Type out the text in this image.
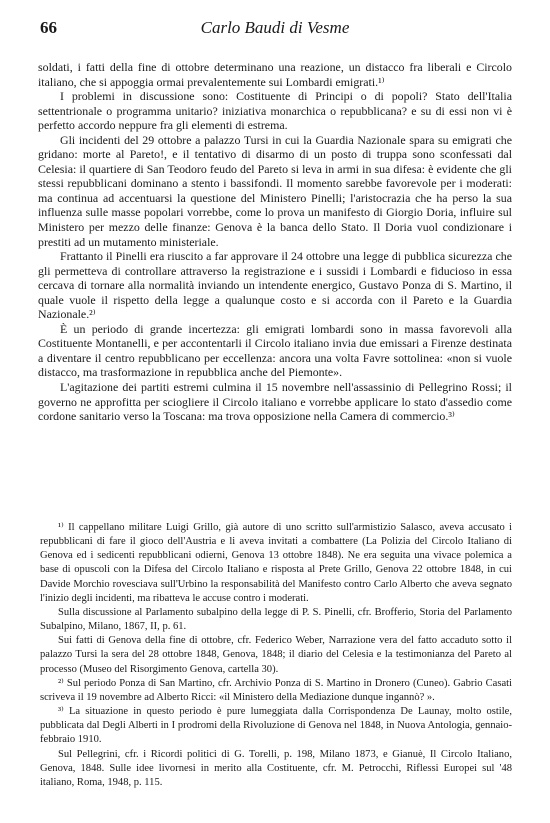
66	Carlo Baudi di Vesme

soldati, i fatti della fine di ottobre determinano una reazione, un distacco fra liberali e Circolo italiano, che si appoggia ormai prevalentemente sui Lombardi emigrati.¹⁾

I problemi in discussione sono: Costituente di Principi o di popoli? Stato dell'Italia settentrionale o programma unitario? iniziativa monarchica o repubblicana? e su di essi non vi è perfetto accordo neppure fra gli elementi di estrema.

Gli incidenti del 29 ottobre a palazzo Tursi in cui la Guardia Nazionale spara su emigrati che gridano: morte al Pareto!, e il tentativo di disarmo di un posto di truppa sono sconfessati dal Celesia: il quartiere di San Teodoro feudo del Pareto si leva in armi in sua difesa: è evidente che gli stessi repubblicani dominano a stento i bassifondi. Il momento sarebbe favorevole per i moderati: ma continua ad accentuarsi la questione del Ministero Pinelli; l'aristocrazia che ha perso la sua influenza sulle masse popolari vorrebbe, come lo prova un manifesto di Giorgio Doria, influire sul Ministero per mezzo delle finanze: Genova è la banca dello Stato. Il Doria vuol condizionare i prestiti ad un mutamento ministeriale.

Frattanto il Pinelli era riuscito a far approvare il 24 ottobre una legge di pubblica sicurezza che gli permetteva di controllare attraverso la registrazione e i sussidi i Lombardi e fiducioso in essa cercava di tornare alla normalità inviando un intendente energico, Gustavo Ponza di S. Martino, il quale vuole il rispetto della legge a qualunque costo e si accorda con il Pareto e la Guardia Nazionale.²⁾

È un periodo di grande incertezza: gli emigrati lombardi sono in massa favorevoli alla Costituente Montanelli, e per accontentarli il Circolo italiano invia due emissari a Firenze destinata a diventare il centro repubblicano per eccellenza: ancora una volta Favre sottolinea: «non si vuole distacco, ma trasformazione in repubblica anche del Piemonte».

L'agitazione dei partiti estremi culmina il 15 novembre nell'assassinio di Pellegrino Rossi; il governo ne approfitta per sciogliere il Circolo italiano e vorrebbe applicare lo stato d'assedio come cordone sanitario verso la Toscana: ma trova opposizione nella Camera di commercio.³⁾

¹⁾ Il cappellano militare Luigi Grillo, già autore di uno scritto sull'armistizio Salasco, aveva accusato i repubblicani di fare il gioco dell'Austria e li aveva invitati a combattere (La Polizia del Circolo Italiano di Genova ed i sedicenti repubblicani odierni, Genova 13 ottobre 1848). Ne era seguita una vivace polemica a base di opuscoli con la Difesa del Circolo Italiano e risposta al Prete Grillo, Genova 22 ottobre 1848, in cui Davide Morchio rovesciava sull'Urbino la responsabilità del Manifesto contro Carlo Alberto che aveva segnato l'inizio degli incidenti, ma ribatteva le accuse contro i moderati.

Sulla discussione al Parlamento subalpino della legge di P. S. Pinelli, cfr. Brofferio, Storia del Parlamento Subalpino, Milano, 1867, II, p. 61.

Sui fatti di Genova della fine di ottobre, cfr. Federico Weber, Narrazione vera del fatto accaduto sotto il palazzo Tursi la sera del 28 ottobre 1848, Genova, 1848; il diario del Celesia e la testimonianza del Pareto al processo (Museo del Risorgimento Genova, cartella 30).

²⁾ Sul periodo Ponza di San Martino, cfr. Archivio Ponza di S. Martino in Dronero (Cuneo). Gabrio Casati scriveva il 19 novembre ad Alberto Ricci: «il Ministero della Mediazione dunque ingannò? ».

³⁾ La situazione in questo periodo è pure lumeggiata dalla Corrispondenza De Launay, molto ostile, pubblicata dal Degli Alberti in I prodromi della Rivoluzione di Genova nel 1848, in Nuova Antologia, gennaio-febbraio 1910.

Sul Pellegrini, cfr. i Ricordi politici di G. Torelli, p. 198, Milano 1873, e Gianuè, Il Circolo Italiano, Genova, 1848. Sulle idee livornesi in merito alla Costituente, cfr. M. Petrocchi, Riflessi Europei sul '48 italiano, Roma, 1948, p. 115.
